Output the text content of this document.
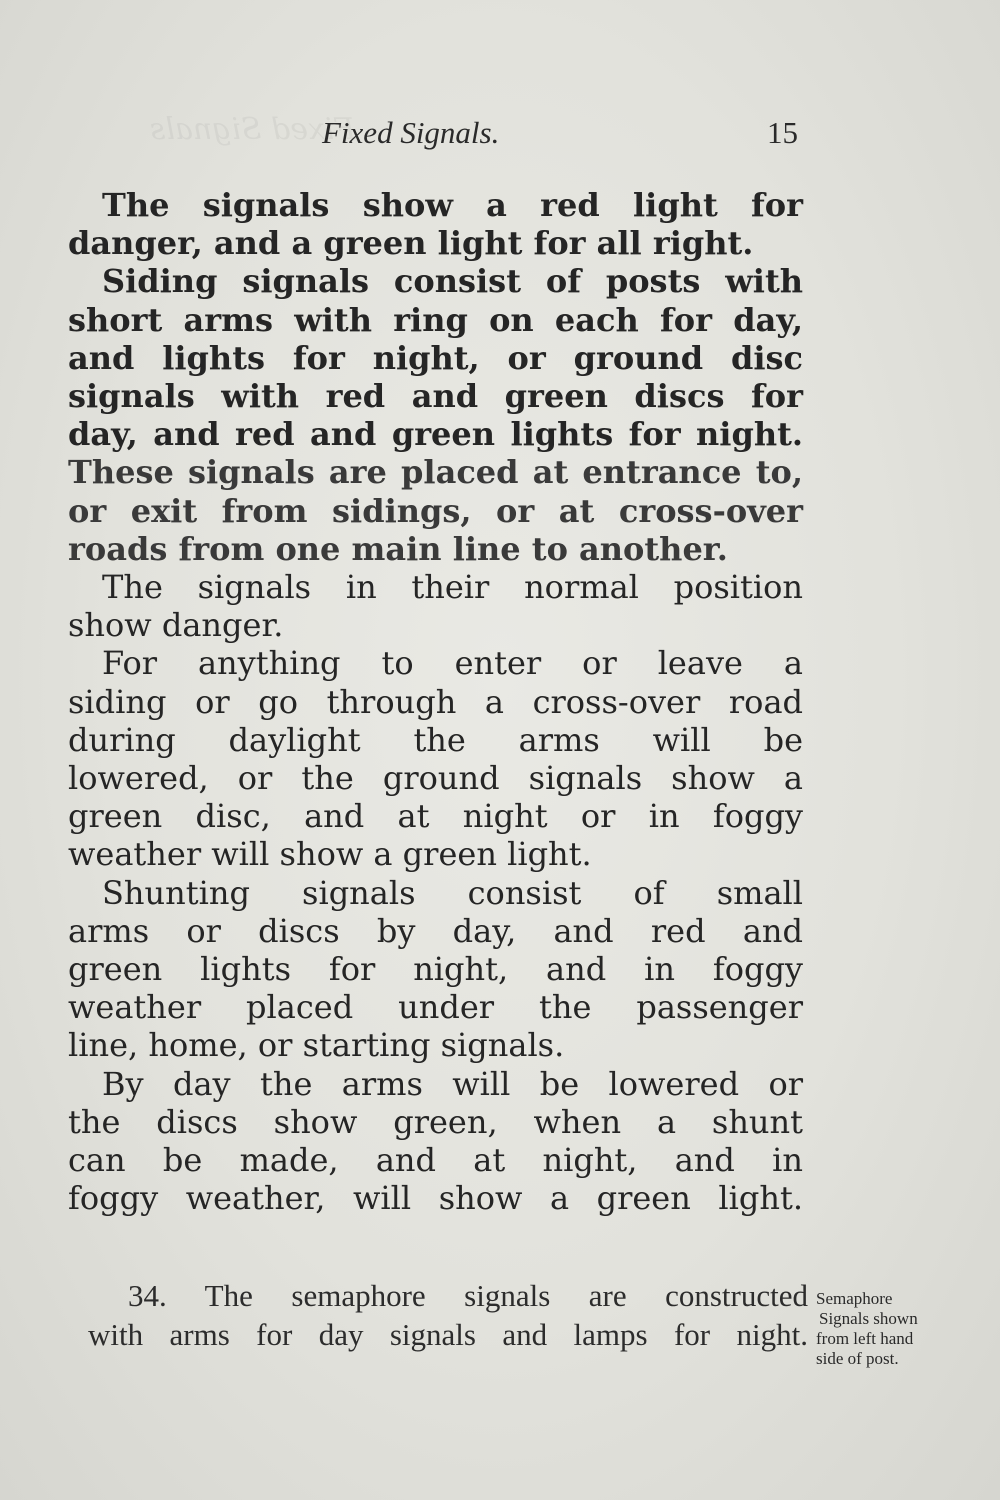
Fixed Signals
Fixed Signals.	15

The signals show a red light for
danger, and a green light for all right.

Siding signals consist of posts with
short arms with ring on each for day,
and lights for night, or ground disc
signals with red and green discs for
day, and red and green lights for night.
These signals are placed at entrance to,
or exit from sidings, or at cross-over
roads from one main line to another.

The signals in their normal position
show danger.

For anything to enter or leave a
siding or go through a cross-over road
during daylight the arms will be
lowered, or the ground signals show a
green disc, and at night or in foggy
weather will show a green light.

Shunting signals consist of small
arms or discs by day, and red and
green lights for night, and in foggy
weather placed under the passenger
line, home, or starting signals.

By day the arms will be lowered or
the discs show green, when a shunt
can be made, and at night, and in
foggy weather, will show a green light.

34. The semaphore signals are constructed
with arms for day signals and lamps for night.
Semaphore
Signals shown
from left hand
side of post.
